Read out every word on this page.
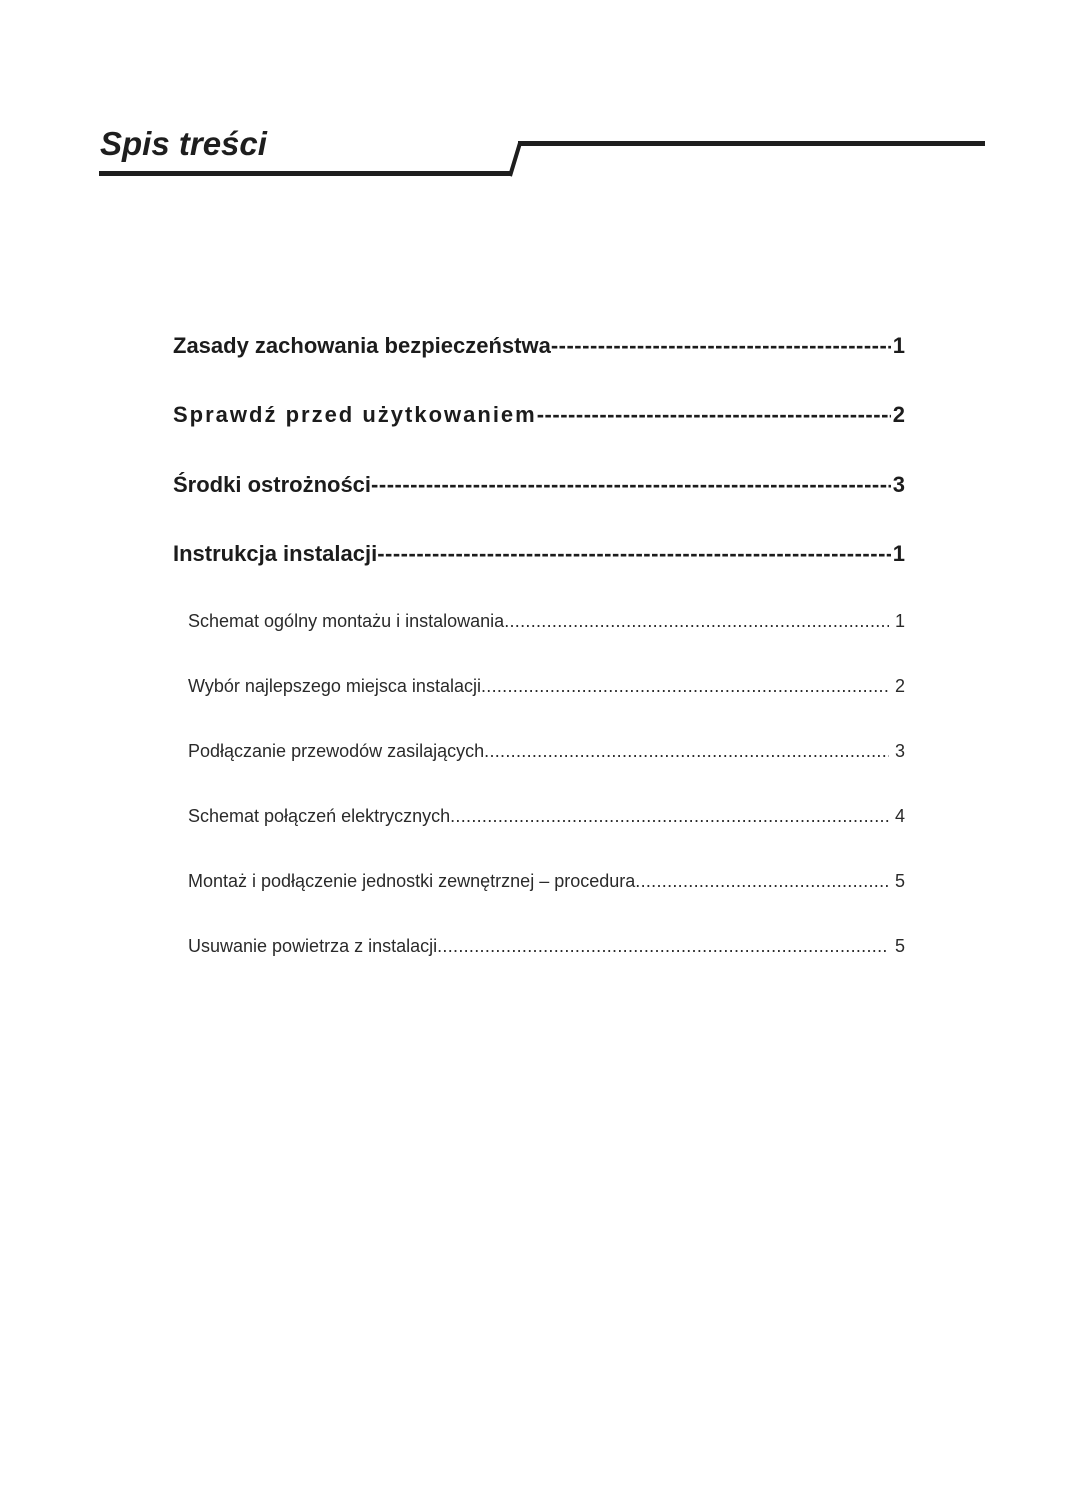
Spis treści
Zasady zachowania bezpieczeństwa -----	1
Sprawdź przed użytkowaniem -----	2
Środki ostrożności -----	3
Instrukcja instalacji -----	1
Schemat ogólny montażu i instalowania .....	1
Wybór najlepszego miejsca instalacji .....	2
Podłączanie przewodów zasilających .....	3
Schemat połączeń elektrycznych .....	4
Montaż i podłączenie jednostki zewnętrznej – procedura .....	5
Usuwanie powietrza z instalacji .....	5
